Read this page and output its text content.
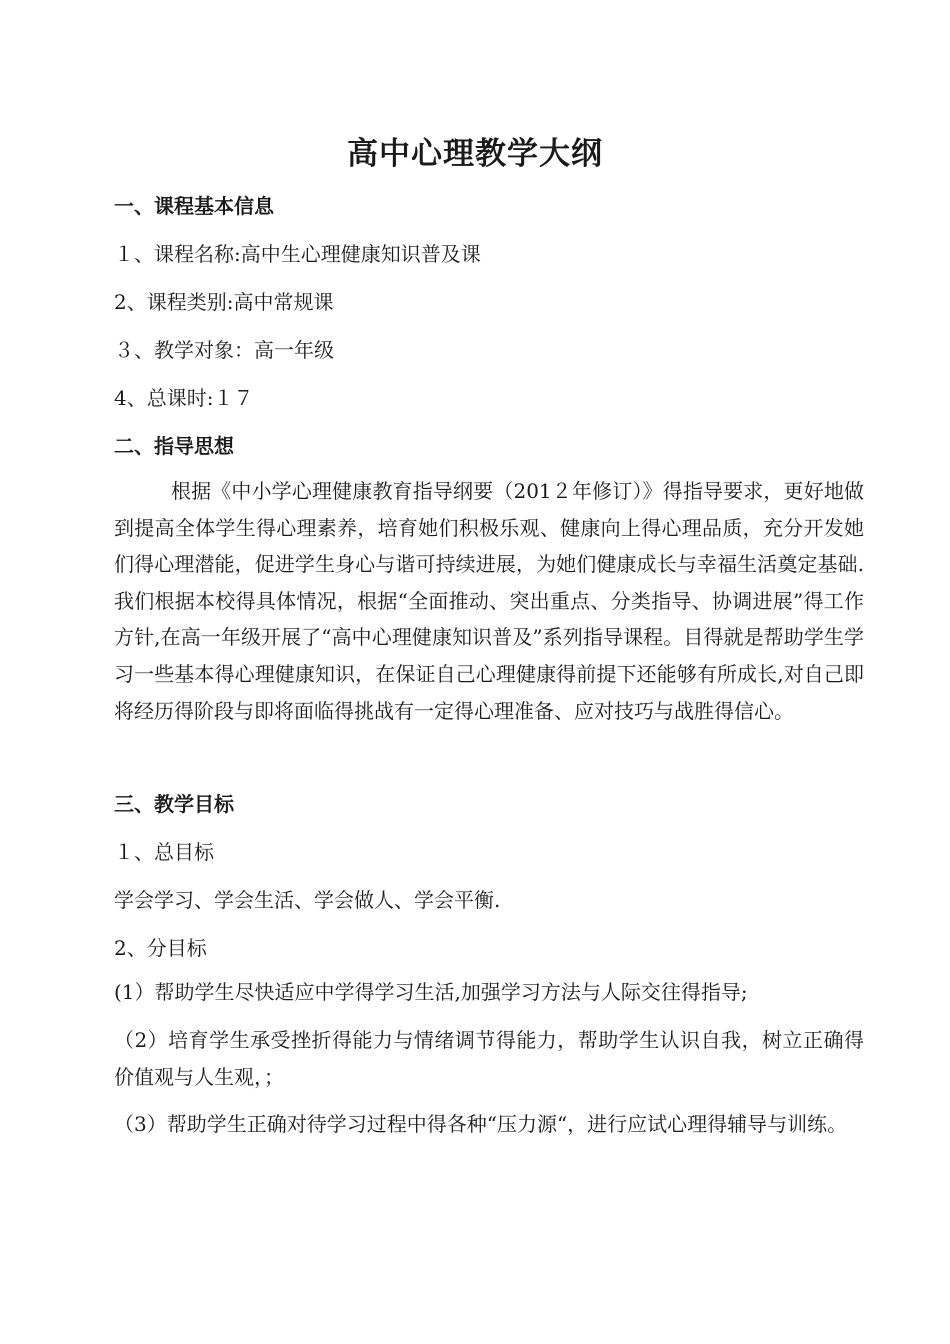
高中心理教学大纲
一、课程基本信息
１、课程名称:高中生心理健康知识普及课
2、课程类别:高中常规课
３、教学对象：高一年级
4、总课时:１７
二、指导思想
根据《中小学心理健康教育指导纲要（201２年修订）》得指导要求，更好地做到提高全体学生得心理素养，培育她们积极乐观、健康向上得心理品质，充分开发她们得心理潜能，促进学生身心与谐可持续进展，为她们健康成长与幸福生活奠定基础.我们根据本校得具体情况，根据“全面推动、突出重点、分类指导、协调进展”得工作方针,在高一年级开展了“高中心理健康知识普及”系列指导课程。目得就是帮助学生学习一些基本得心理健康知识，在保证自己心理健康得前提下还能够有所成长,对自己即将经历得阶段与即将面临得挑战有一定得心理准备、应对技巧与战胜得信心。
三、教学目标
１、总目标
学会学习、学会生活、学会做人、学会平衡.
2、分目标
(1）帮助学生尽快适应中学得学习生活,加强学习方法与人际交往得指导;
（2）培育学生承受挫折得能力与情绪调节得能力，帮助学生认识自我，树立正确得价值观与人生观，；
（3）帮助学生正确对待学习过程中得各种“压力源“，进行应试心理得辅导与训练。
